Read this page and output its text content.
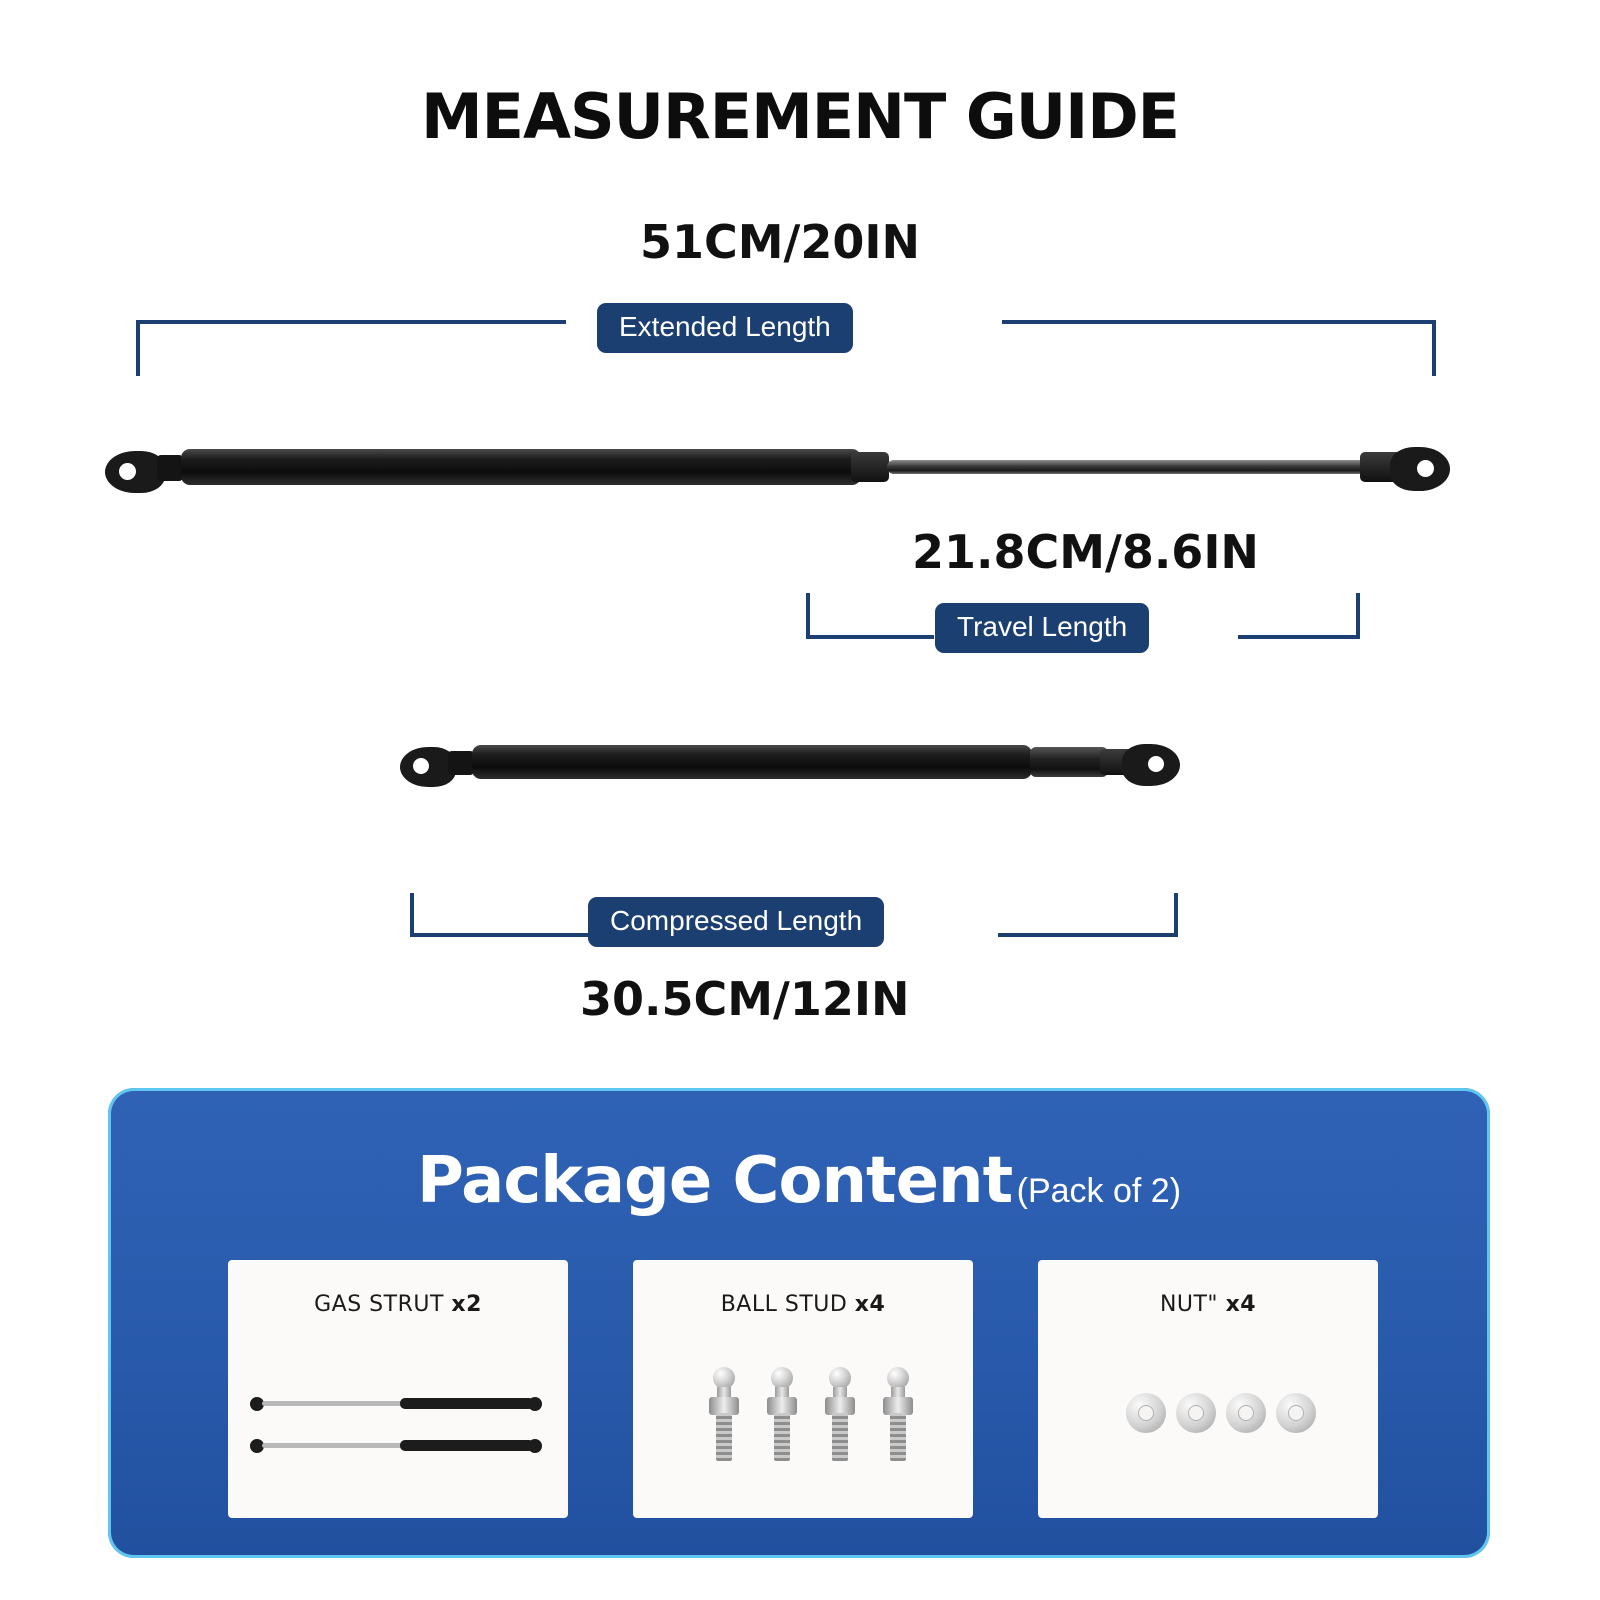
MEASUREMENT GUIDE
51CM/20IN
Extended Length
21.8CM/8.6IN
Travel Length
Compressed Length
30.5CM/12IN
Package Content (Pack of 2)
GAS STRUT x2	BALL STUD x4	NUT" x4
